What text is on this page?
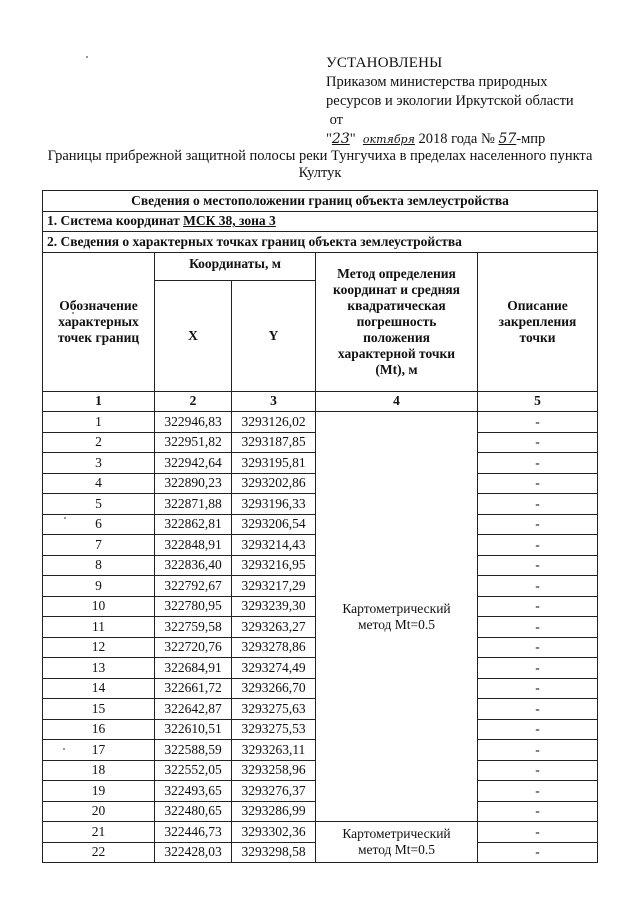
УСТАНОВЛЕНЫ
Приказом министерства природных
ресурсов и экологии Иркутской области
от
"23" октября 2018 года № 57-мпр
Границы прибрежной защитной полосы реки Тунгучиха в пределах населенного пункта Култук
Сведения о местоположении границ объекта землеустройства				
1. Система координат МСК 38, зона 3				
2. Сведения о характерных точках границ объекта землеустройства				
Обозначение характерных точек границ	Координаты, м		Метод определения координат и средняя квадратическая погрешность положения характерной точки (Mt), м	Описание закрепления точки
	X	Y		
1	2	3	4	5
1	322946,83	3293126,02	Картометрический метод Mt=0.5	-
2	322951,82	3293187,85		-
3	322942,64	3293195,81		-
4	322890,23	3293202,86		-
5	322871,88	3293196,33		-
6	322862,81	3293206,54		-
7	322848,91	3293214,43		-
8	322836,40	3293216,95		-
9	322792,67	3293217,29		-
10	322780,95	3293239,30		-
11	322759,58	3293263,27		-
12	322720,76	3293278,86		-
13	322684,91	3293274,49		-
14	322661,72	3293266,70		-
15	322642,87	3293275,63		-
16	322610,51	3293275,53		-
17	322588,59	3293263,11		-
18	322552,05	3293258,96		-
19	322493,65	3293276,37		-
20	322480,65	3293286,99		-
21	322446,73	3293302,36	Картометрический метод Mt=0.5	-
22	322428,03	3293298,58		-
